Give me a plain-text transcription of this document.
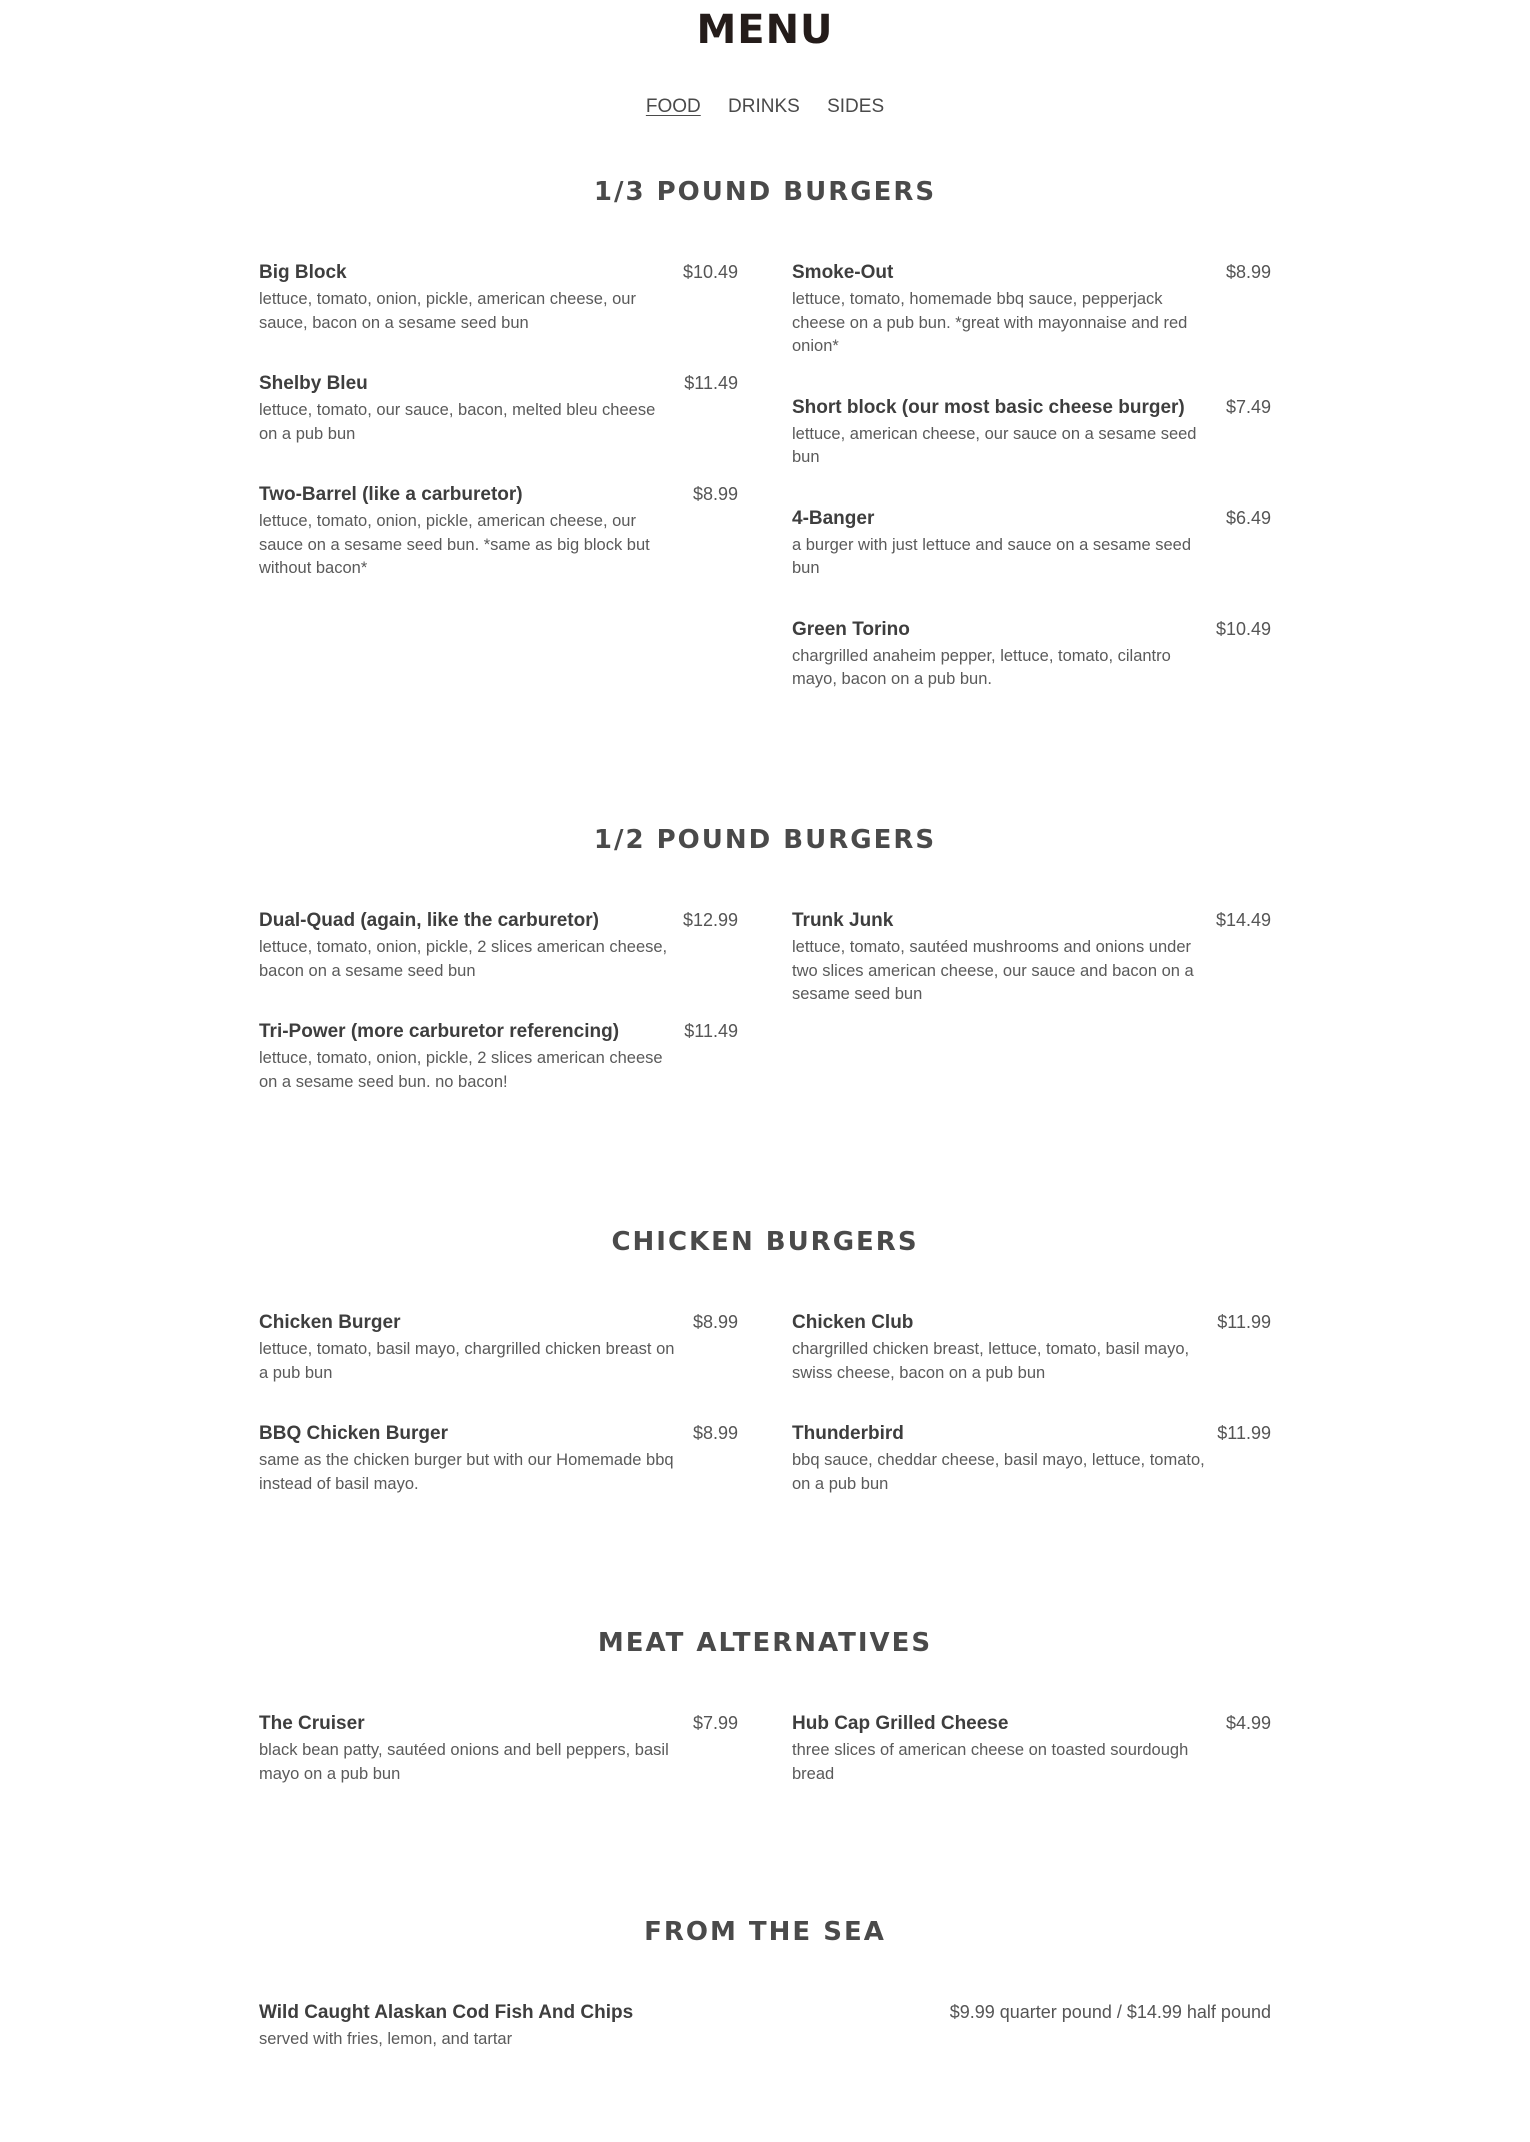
MENU
FOOD DRINKS SIDES
1/3 POUND BURGERS
Big Block	$10.49
lettuce, tomato, onion, pickle, american cheese, our sauce, bacon on a sesame seed bun
Shelby Bleu	$11.49
lettuce, tomato, our sauce, bacon, melted bleu cheese on a pub bun
Two-Barrel (like a carburetor)	$8.99
lettuce, tomato, onion, pickle, american cheese, our sauce on a sesame seed bun. *same as big block but without bacon*
Smoke-Out	$8.99
lettuce, tomato, homemade bbq sauce, pepperjack cheese on a pub bun. *great with mayonnaise and red onion*
Short block (our most basic cheese burger)	$7.49
lettuce, american cheese, our sauce on a sesame seed bun
4-Banger	$6.49
a burger with just lettuce and sauce on a sesame seed bun
Green Torino	$10.49
chargrilled anaheim pepper, lettuce, tomato, cilantro mayo, bacon on a pub bun.
1/2 POUND BURGERS
Dual-Quad (again, like the carburetor)	$12.99
lettuce, tomato, onion, pickle, 2 slices american cheese, bacon on a sesame seed bun
Tri-Power (more carburetor referencing)	$11.49
lettuce, tomato, onion, pickle, 2 slices american cheese on a sesame seed bun. no bacon!
Trunk Junk	$14.49
lettuce, tomato, sautéed mushrooms and onions under two slices american cheese, our sauce and bacon on a sesame seed bun
CHICKEN BURGERS
Chicken Burger	$8.99
lettuce, tomato, basil mayo, chargrilled chicken breast on a pub bun
BBQ Chicken Burger	$8.99
same as the chicken burger but with our Homemade bbq instead of basil mayo.
Chicken Club	$11.99
chargrilled chicken breast, lettuce, tomato, basil mayo, swiss cheese, bacon on a pub bun
Thunderbird	$11.99
bbq sauce, cheddar cheese, basil mayo, lettuce, tomato, on a pub bun
MEAT ALTERNATIVES
The Cruiser	$7.99
black bean patty, sautéed onions and bell peppers, basil mayo on a pub bun
Hub Cap Grilled Cheese	$4.99
three slices of american cheese on toasted sourdough bread
FROM THE SEA
Wild Caught Alaskan Cod Fish And Chips	$9.99 quarter pound / $14.99 half pound
served with fries, lemon, and tartar
